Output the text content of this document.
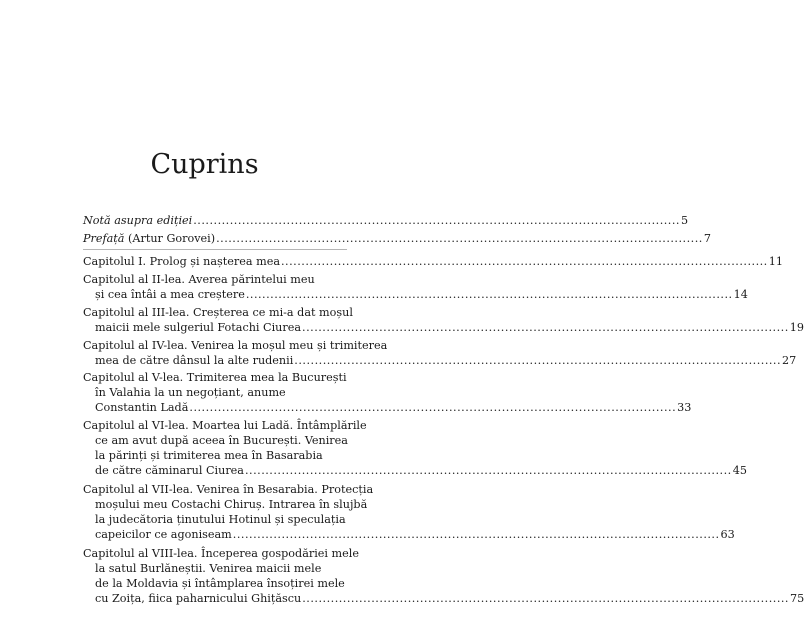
Cuprins
Notă asupra ediției ........................................................................................................................ 5
Prefață (Artur Gorovei) ........................................................................................................................ 7
Capitolul I. Prolog și nașterea mea ........................................................................................................................ 11
Capitolul al II-lea. Averea părintelui meu
și cea întâi a mea creștere ........................................................................................................................ 14
Capitolul al III-lea. Creșterea ce mi-a dat moșul
maicii mele sulgeriul Fotachi Ciurea ........................................................................................................................ 19
Capitolul al IV-lea. Venirea la moșul meu și trimiterea
mea de către dânsul la alte rudenii ........................................................................................................................ 27
Capitolul al V-lea. Trimiterea mea la București
în Valahia la un negoțiant, anume
Constantin Ladă ........................................................................................................................ 33
Capitolul al VI-lea. Moartea lui Ladă. Întâmplările
ce am avut după aceea în București. Venirea
la părinți și trimiterea mea în Basarabia
de către căminarul Ciurea ........................................................................................................................ 45
Capitolul al VII-lea. Venirea în Besarabia. Protecția
moșului meu Costachi Chiruș. Intrarea în slujbă
la judecătoria ținutului Hotinul și speculația
capeicilor ce agoniseam ........................................................................................................................ 63
Capitolul al VIII-lea. Începerea gospodăriei mele
la satul Burlăneștii. Venirea maicii mele
de la Moldavia și întâmplarea însoțirei mele
cu Zoița, fiica paharnicului Ghițăscu ........................................................................................................................ 75
